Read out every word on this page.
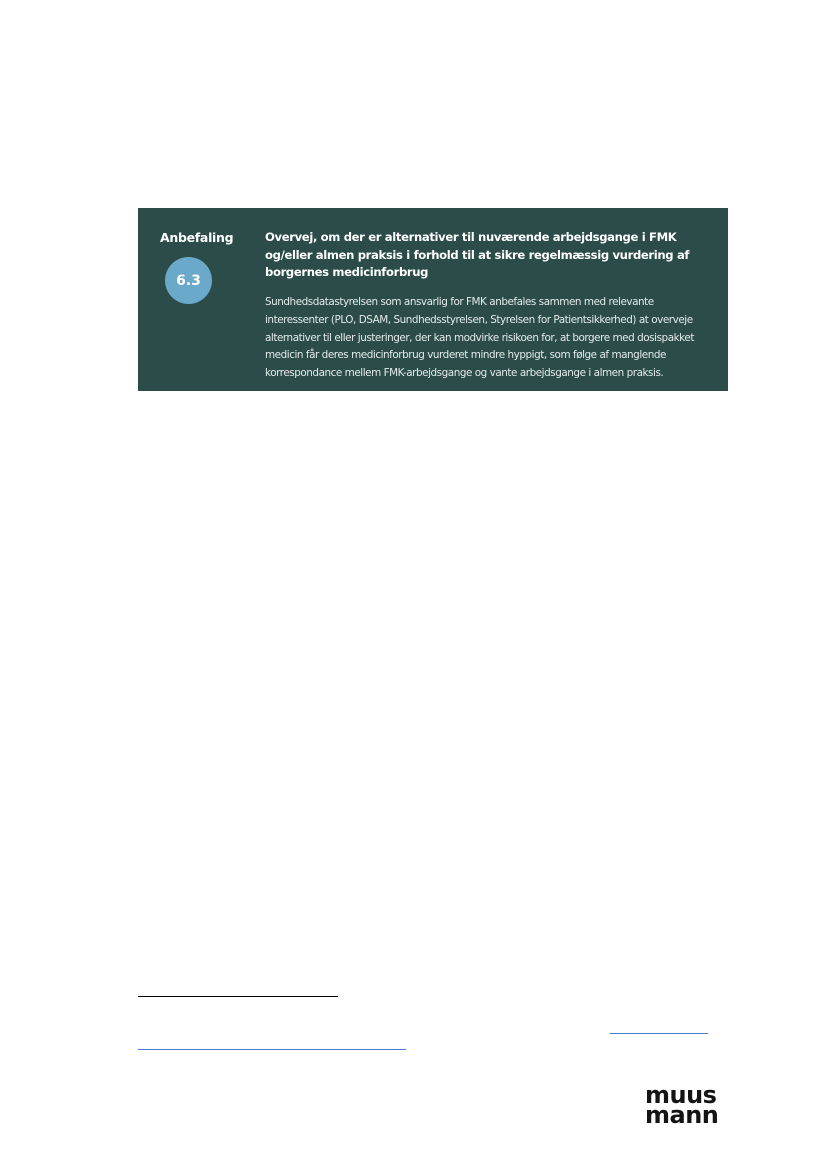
Anbefaling
6.3

Overvej, om der er alternativer til nuværende arbejdsgange i FMK og/eller almen praksis i forhold til at sikre regelmæssig vurdering af borgernes medicinforbrug

Sundhedsdatastyrelsen som ansvarlig for FMK anbefales sammen med relevante interessenter (PLO, DSAM, Sundhedsstyrelsen, Styrelsen for Patientsikkerhed) at overveje alternativer til eller justeringer, der kan modvirke risikoen for, at borgere med dosispakket medicin får deres medicinforbrug vurderet mindre hyppigt, som følge af manglende korrespondance mellem FMK-arbejdsgange og vante arbejdsgange i almen praksis.

muus
mann
